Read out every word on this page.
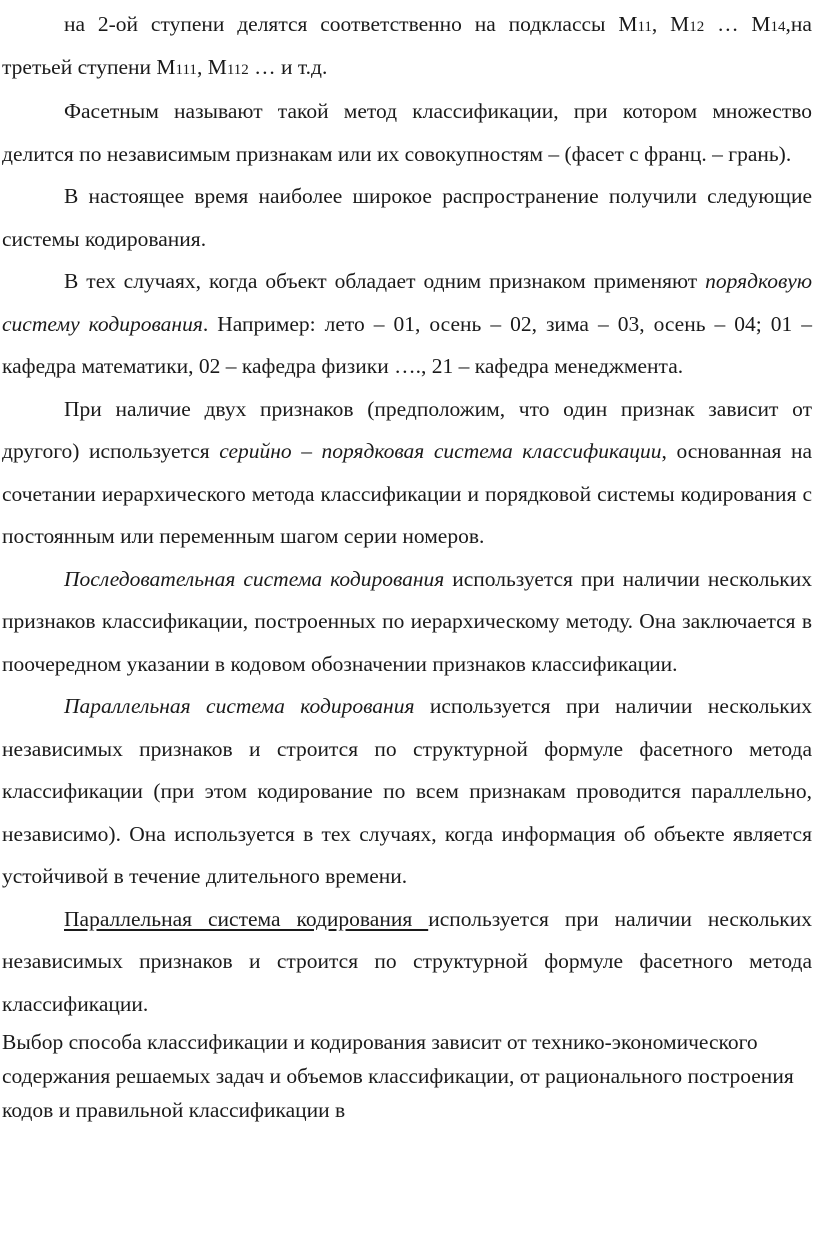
на 2-ой ступени делятся соответственно на подклассы М11, М12 … М14,на третьей ступени М111, М112 … и т.д.

Фасетным называют такой метод классификации, при котором множество делится по независимым признакам или их совокупностям – (фасет с франц. – грань).

В настоящее время наиболее широкое распространение получили следующие системы кодирования.

В тех случаях, когда объект обладает одним признаком применяют порядковую систему кодирования. Например: лето – 01, осень – 02, зима – 03, осень – 04; 01 – кафедра математики, 02 – кафедра физики …., 21 – кафедра менеджмента.

При наличие двух признаков (предположим, что один признак зависит от другого) используется серийно – порядковая система классификации, основанная на сочетании иерархического метода классификации и порядковой системы кодирования с постоянным или переменным шагом серии номеров.

Последовательная система кодирования используется при наличии нескольких признаков классификации, построенных по иерархическому методу. Она заключается в поочередном указании в кодовом обозначении признаков классификации.

Параллельная система кодирования используется при наличии нескольких независимых признаков и строится по структурной формуле фасетного метода классификации (при этом кодирование по всем признакам проводится параллельно, независимо). Она используется в тех случаях, когда информация об объекте является устойчивой в течение длительного времени.

Параллельная система кодирования используется при наличии нескольких независимых признаков и строится по структурной формуле фасетного метода классификации.

Выбор способа классификации и кодирования зависит от технико-экономического содержания решаемых задач и объемов классификации, от рационального построения кодов и правильной классификации в
